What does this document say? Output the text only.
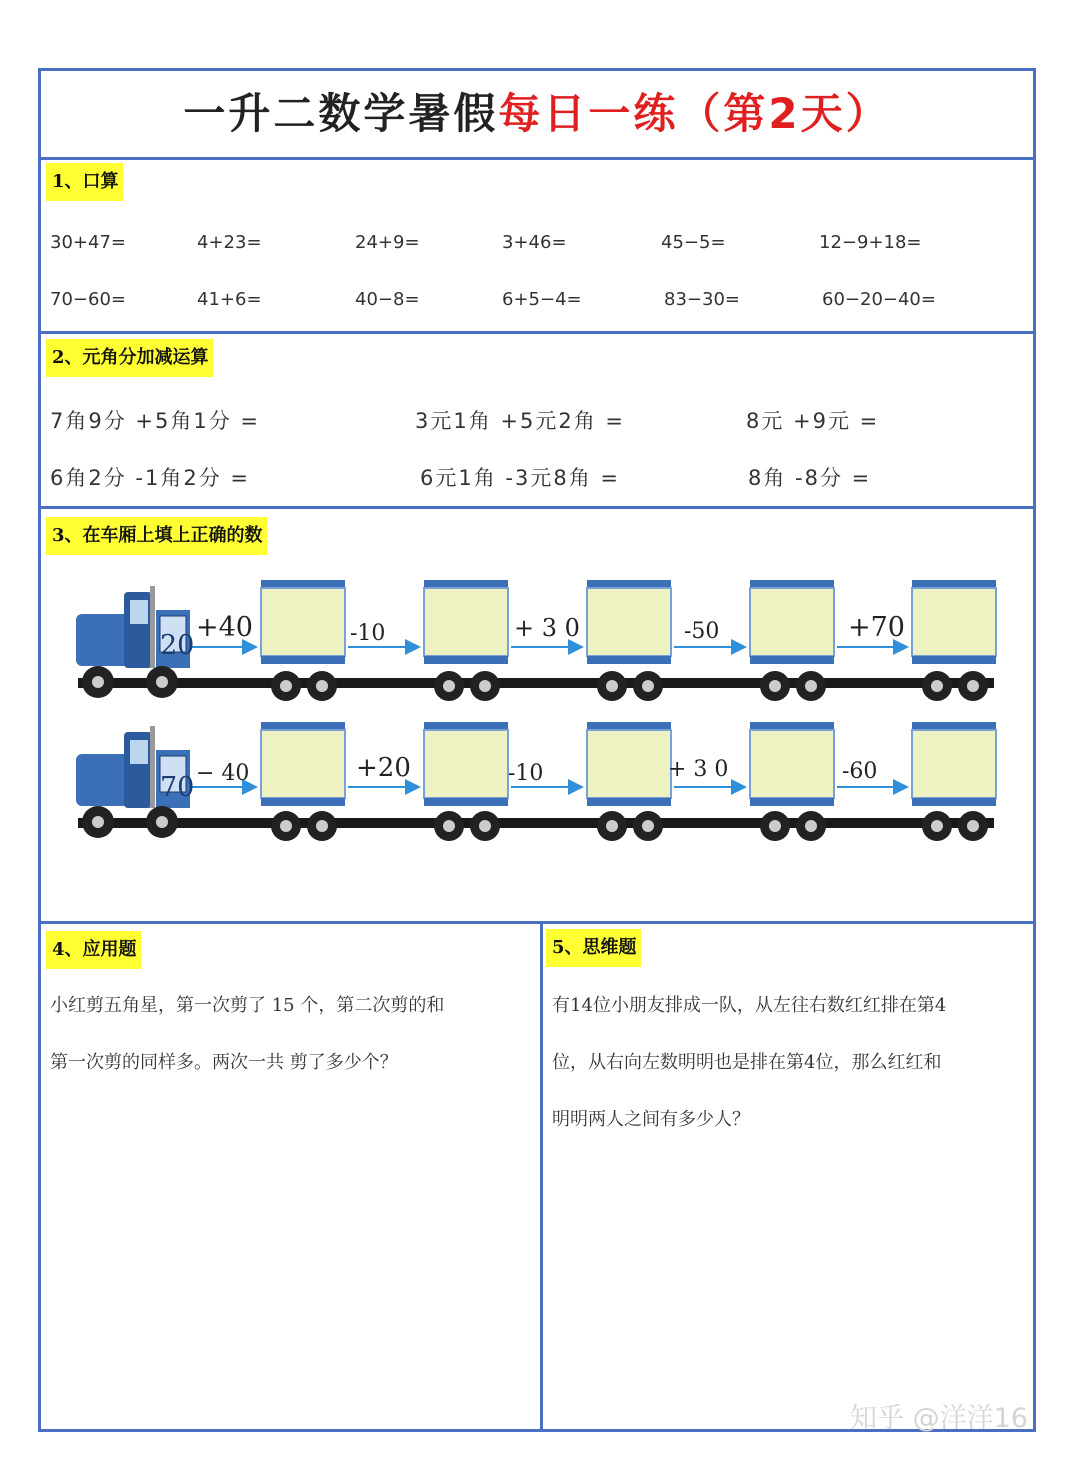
一升二数学暑假每日一练（第2天）
1、口算
30+47=	4+23=	24+9=	3+46=	45−5=	12−9+18=
70−60=	41+6=	40−8=	6+5−4=	83−30=	60−20−40=
2、元角分加减运算
7角9分 +5角1分 =	3元1角 +5元2角 =	8元 +9元 =
6角2分 -1角2分 =	6元1角 -3元8角 =	8角 -8分 =
3、在车厢上填上正确的数
20
+40	-10	+ 3 0	-50	+70
70 − 40	+20	-10	+ 3 0	-60
4、应用题
小红剪五角星，第一次剪了 15 个，第二次剪的和
第一次剪的同样多。两次一共 剪了多少个？
5、思维题
有14位小朋友排成一队，从左往右数红红排在第4
位，从右向左数明明也是排在第4位，那么红红和
明明两人之间有多少人？
知乎 @洋洋16
